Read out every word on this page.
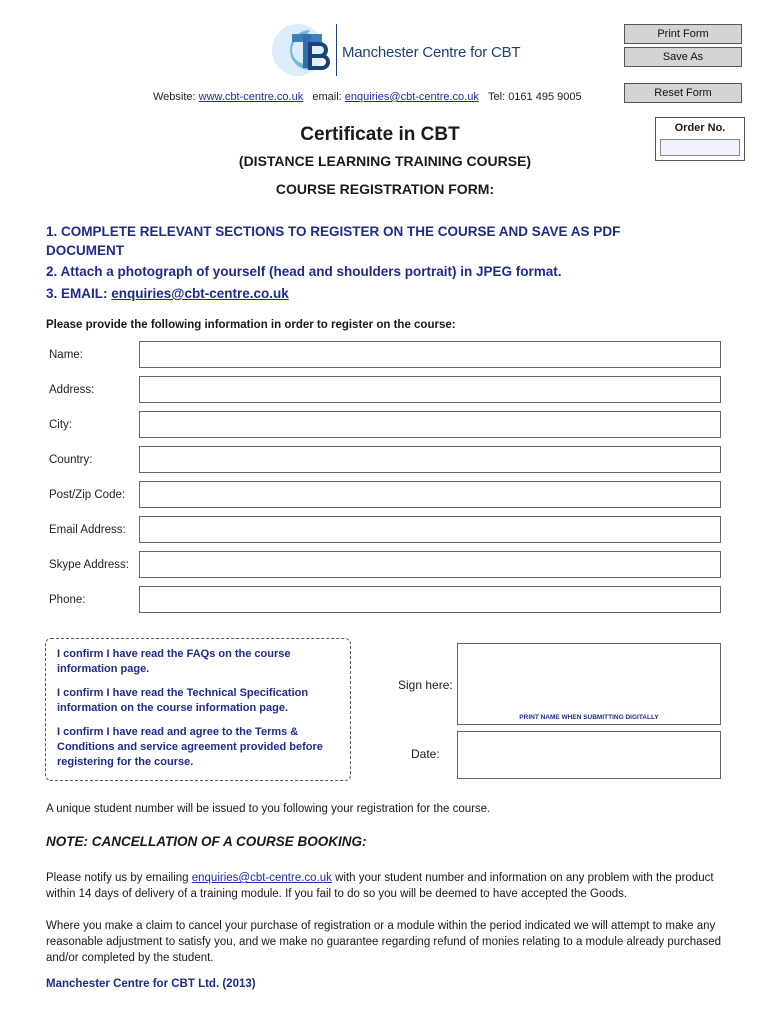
Manchester Centre for CBT
Print Form
Save As
Reset Form
Order No.
Website: www.cbt-centre.co.uk email: enquiries@cbt-centre.co.uk Tel: 0161 495 9005
Certificate in CBT
(DISTANCE LEARNING TRAINING COURSE)
COURSE REGISTRATION FORM:
1. COMPLETE RELEVANT SECTIONS TO REGISTER ON THE COURSE AND SAVE AS PDF
DOCUMENT
2. Attach a photograph of yourself (head and shoulders portrait) in JPEG format.
3. EMAIL: enquiries@cbt-centre.co.uk
Please provide the following information in order to register on the course:
Name:
Address:
City:
Country:
Post/Zip Code:
Email Address:
Skype Address:
Phone:
I confirm I have read the FAQs on the course information page.
I confirm I have read the Technical Specification information on the course information page.
I confirm I have read and agree to the Terms & Conditions and service agreement provided before registering for the course.
Sign here:
PRINT NAME WHEN SUBMITTING DIGITALLY
Date:
A unique student number will be issued to you following your registration for the course.
NOTE: CANCELLATION OF A COURSE BOOKING:
Please notify us by emailing enquiries@cbt-centre.co.uk with your student number and information on any problem with the product within 14 days of delivery of a training module. If you fail to do so you will be deemed to have accepted the Goods.
Where you make a claim to cancel your purchase of registration or a module within the period indicated we will attempt to make any reasonable adjustment to satisfy you, and we make no guarantee regarding refund of monies relating to a module already purchased and/or completed by the student.
Manchester Centre for CBT Ltd. (2013)
